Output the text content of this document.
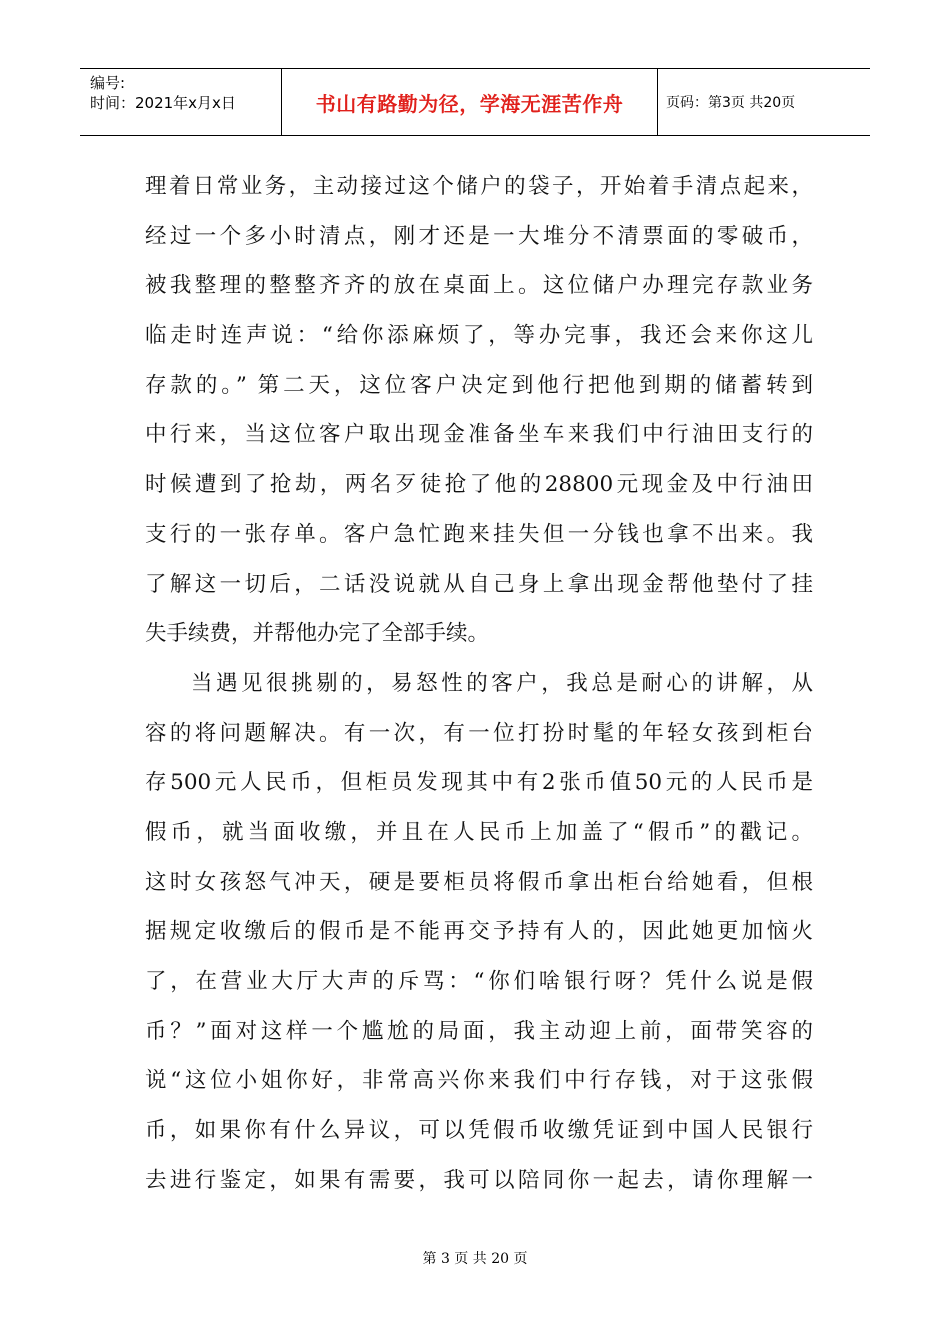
编号:
时间：2021年x月x日	书山有路勤为径，学海无涯苦作舟	页码：第3页 共20页
理着日常业务，主动接过这个储户的袋子，开始着手清点起来，
经过一个多小时清点，刚才还是一大堆分不清票面的零破币，
被我整理的整整齐齐的放在桌面上。这位储户办理完存款业务
临走时连声说：“给你添麻烦了，等办完事，我还会来你这儿
存款的。” 第二天，这位客户决定到他行把他到期的储蓄转到
中行来，当这位客户取出现金准备坐车来我们中行油田支行的
时候遭到了抢劫，两名歹徒抢了他的28800元现金及中行油田
支行的一张存单。客户急忙跑来挂失但一分钱也拿不出来。我
了解这一切后，二话没说就从自己身上拿出现金帮他垫付了挂
失手续费，并帮他办完了全部手续。
当遇见很挑剔的，易怒性的客户，我总是耐心的讲解，从
容的将问题解决。有一次，有一位打扮时髦的年轻女孩到柜台
存500元人民币，但柜员发现其中有2张币值50元的人民币是
假币，就当面收缴，并且在人民币上加盖了“假币”的戳记。
这时女孩怒气冲天，硬是要柜员将假币拿出柜台给她看，但根
据规定收缴后的假币是不能再交予持有人的，因此她更加恼火
了，在营业大厅大声的斥骂：“你们啥银行呀？凭什么说是假
币？”面对这样一个尴尬的局面，我主动迎上前，面带笑容的
说“这位小姐你好，非常高兴你来我们中行存钱，对于这张假
币，如果你有什么异议，可以凭假币收缴凭证到中国人民银行
去进行鉴定，如果有需要，我可以陪同你一起去，请你理解一
第 3 页 共 20 页
